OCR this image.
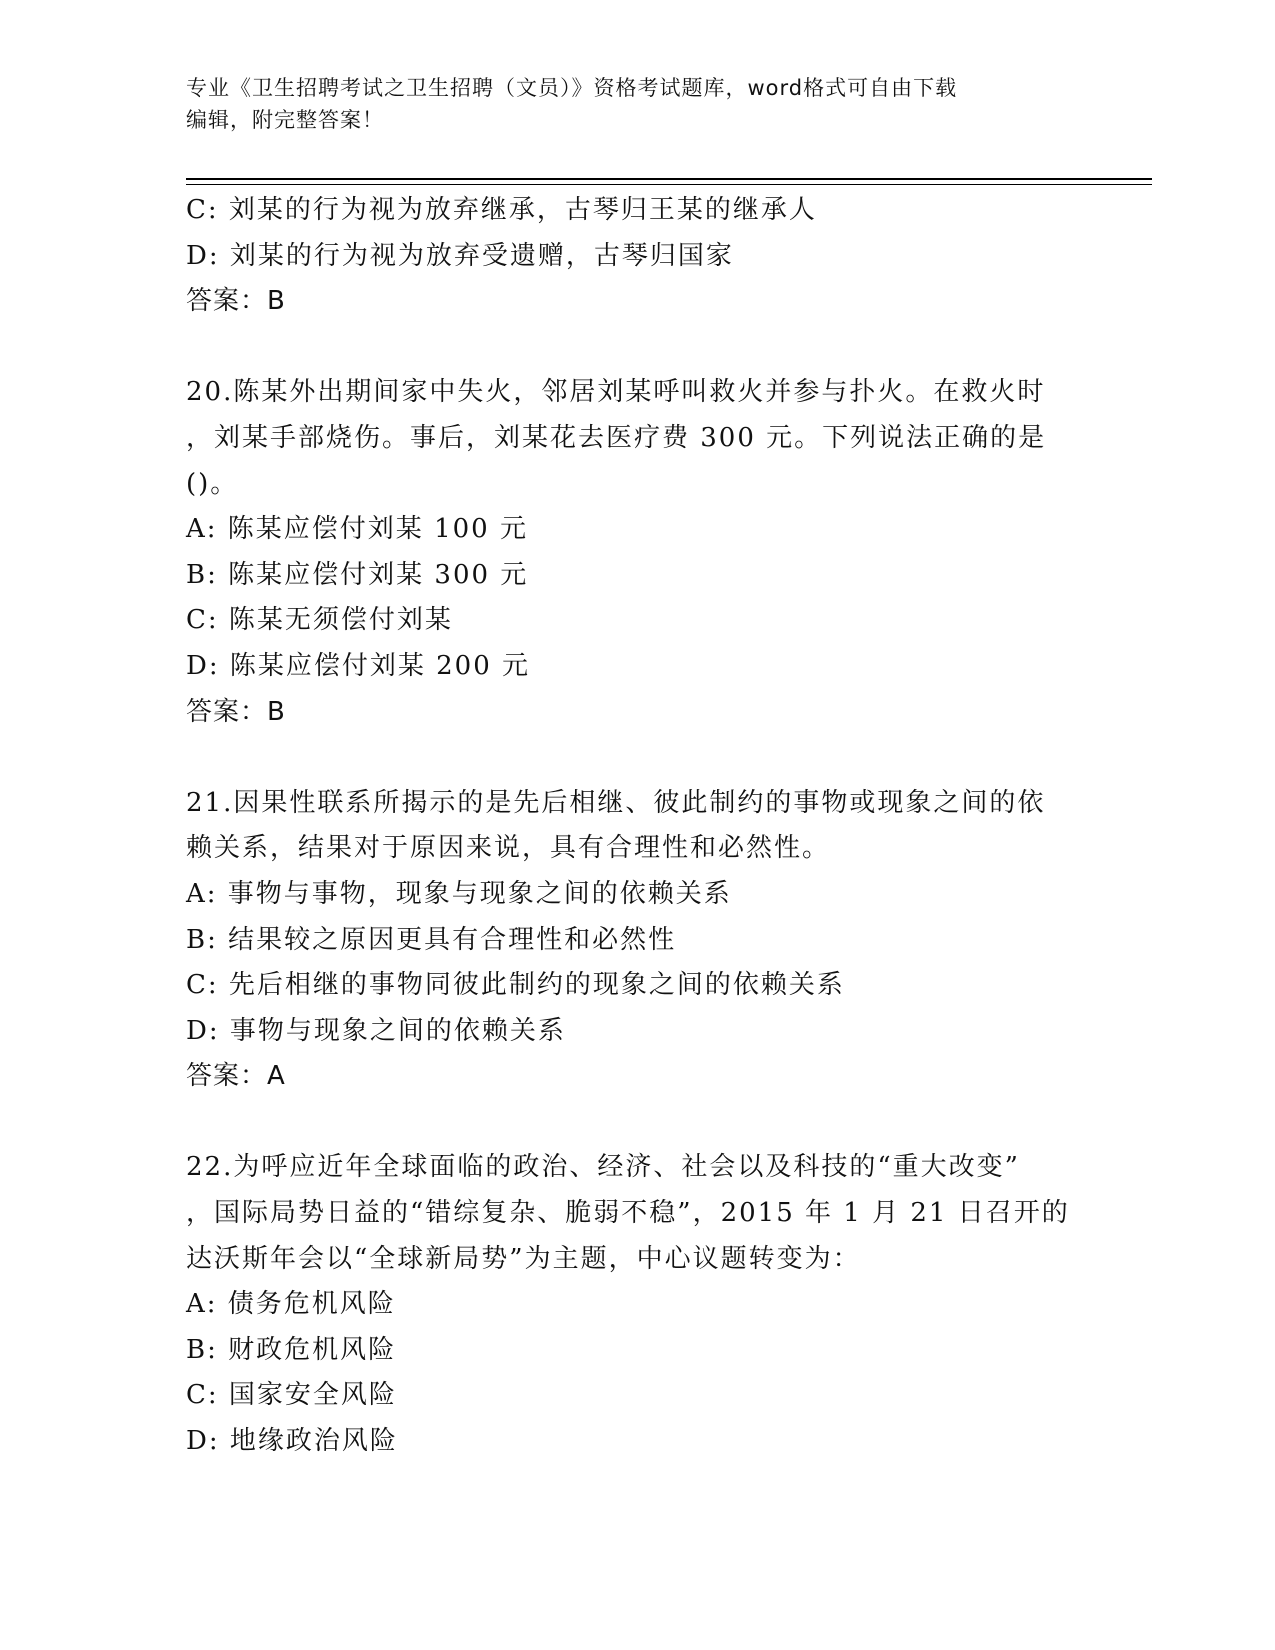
专业《卫生招聘考试之卫生招聘（文员）》资格考试题库，word格式可自由下载
编辑，附完整答案！
C: 刘某的行为视为放弃继承，古琴归王某的继承人
D: 刘某的行为视为放弃受遗赠，古琴归国家
答案：B
20.陈某外出期间家中失火，邻居刘某呼叫救火并参与扑火。在救火时
，刘某手部烧伤。事后，刘某花去医疗费 300 元。下列说法正确的是
()。
A: 陈某应偿付刘某 100 元
B: 陈某应偿付刘某 300 元
C: 陈某无须偿付刘某
D: 陈某应偿付刘某 200 元
答案：B
21.因果性联系所揭示的是先后相继、彼此制约的事物或现象之间的依
赖关系，结果对于原因来说，具有合理性和必然性。
A: 事物与事物，现象与现象之间的依赖关系
B: 结果较之原因更具有合理性和必然性
C: 先后相继的事物同彼此制约的现象之间的依赖关系
D: 事物与现象之间的依赖关系
答案：A
22.为呼应近年全球面临的政治、经济、社会以及科技的“重大改变”
，国际局势日益的“错综复杂、脆弱不稳”，2015 年 1 月 21 日召开的
达沃斯年会以“全球新局势”为主题，中心议题转变为：
A: 债务危机风险
B: 财政危机风险
C: 国家安全风险
D: 地缘政治风险
